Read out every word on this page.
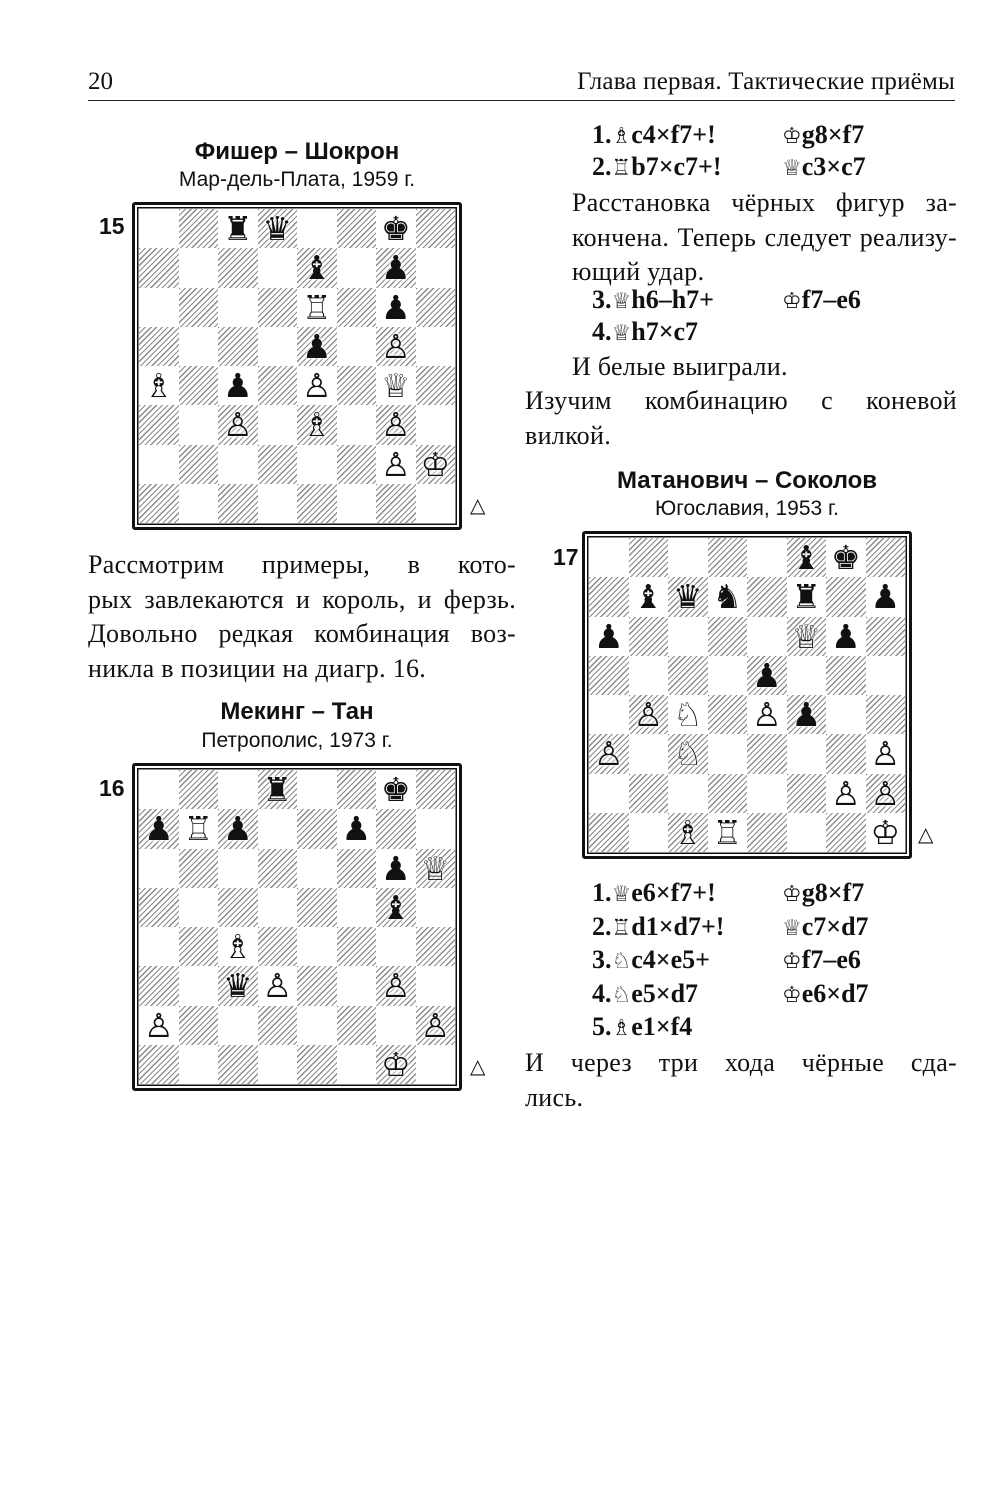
20	Глава первая. Тактические приёмы
Фишер – Шокрон
Мар-дель-Плата, 1959 г.
15	♜ ♛	♚
♝ ♟
♖ ♟
♟ ♙
♗ ♟ ♙ ♕
♙ ♗ ♙
♙ ♔
△
Рассмотрим примеры, в кото-
рых завлекаются и король, и ферзь.
Довольно редкая комбинация воз-
никла в позиции на диагр. 16.
Мекинг – Тан
Петрополис, 1973 г.
16	♜	♚
♟ ♖ ♟	♟
♟ ♕
♝
♗
♛ ♙	♙
♙	♙
♔	△
1.♗c4×f7+!	♔g8×f7
2.♖b7×c7+!	♕c3×c7
Расстановка чёрных фигур за-
кончена. Теперь следует реализу-
ющий удар.
3.♕h6–h7+	♔f7–e6
4.♕h7×c7
И белые выиграли.
Изучим комбинацию с коневой
вилкой.
Матанович – Соколов
Югославия, 1953 г.
17	♝ ♚
♝ ♛ ♞ ♜ ♟
♟	♕ ♟
♟
♙ ♘ ♙ ♟
♙ ♘	♙
♙ ♙
♗ ♖	♔ △
1.♕e6×f7+!	♔g8×f7
2.♖d1×d7+!	♕c7×d7
3.♘c4×e5+	♔f7–e6
4.♘e5×d7	♔e6×d7
5.♗e1×f4
И через три хода чёрные сда-
лись.
